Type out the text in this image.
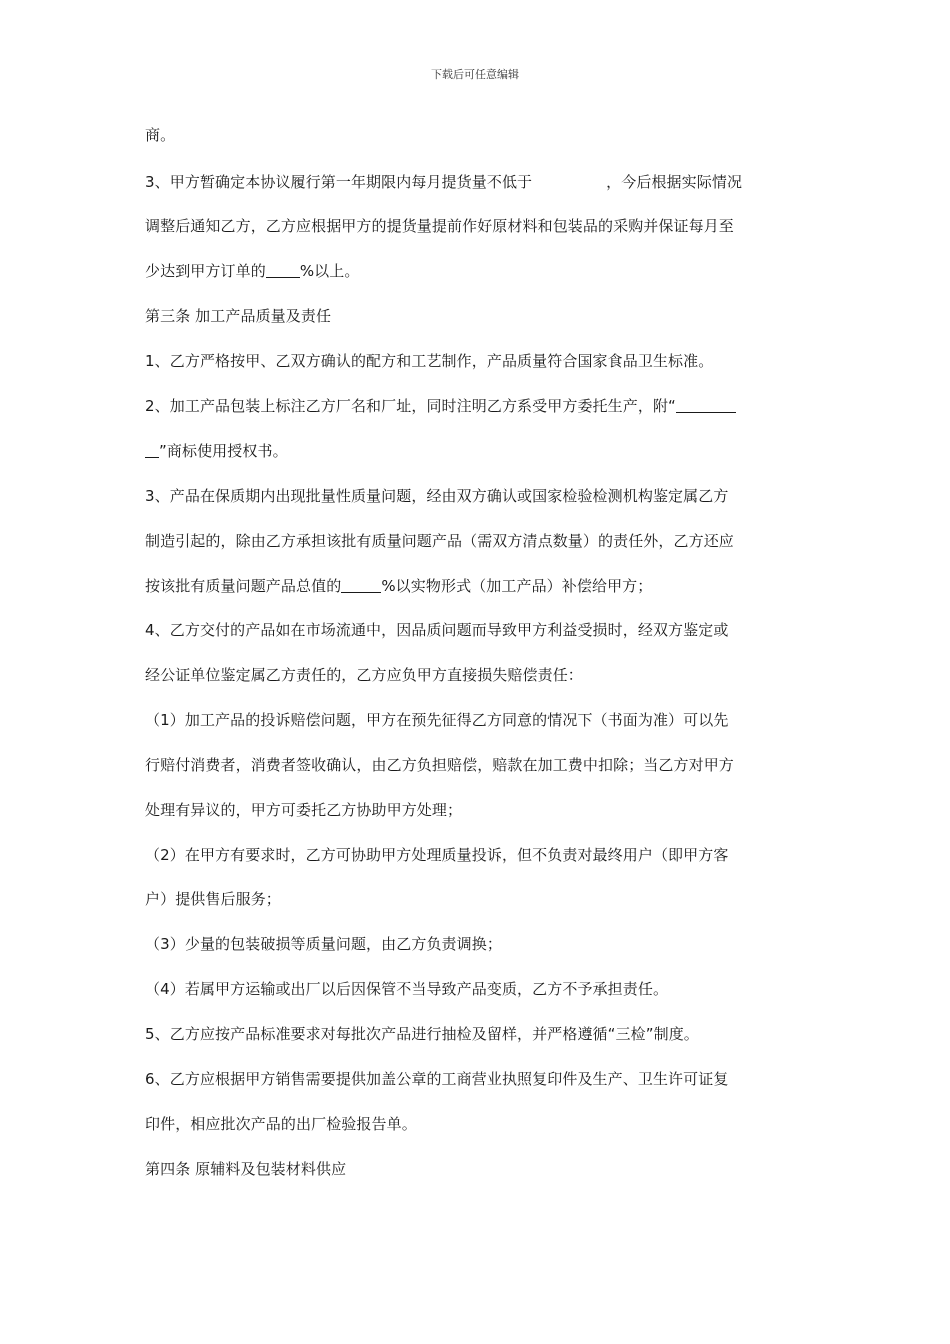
下载后可任意编辑
商。
3、甲方暂确定本协议履行第一年期限内每月提货量不低于	，今后根据实际情况
调整后通知乙方，乙方应根据甲方的提货量提前作好原材料和包装品的采购并保证每月至
少达到甲方订单的 %以上。
第三条 加工产品质量及责任
1、乙方严格按甲、乙双方确认的配方和工艺制作，产品质量符合国家食品卫生标准。
2、加工产品包装上标注乙方厂名和厂址，同时注明乙方系受甲方委托生产，附“
”商标使用授权书。
3、产品在保质期内出现批量性质量问题，经由双方确认或国家检验检测机构鉴定属乙方
制造引起的，除由乙方承担该批有质量问题产品（需双方清点数量）的责任外，乙方还应
按该批有质量问题产品总值的	%以实物形式（加工产品）补偿给甲方；
4、乙方交付的产品如在市场流通中，因品质问题而导致甲方利益受损时，经双方鉴定或
经公证单位鉴定属乙方责任的，乙方应负甲方直接损失赔偿责任：
（1）加工产品的投诉赔偿问题，甲方在预先征得乙方同意的情况下（书面为准）可以先
行赔付消费者，消费者签收确认，由乙方负担赔偿，赔款在加工费中扣除；当乙方对甲方
处理有异议的，甲方可委托乙方协助甲方处理；
（2）在甲方有要求时，乙方可协助甲方处理质量投诉，但不负责对最终用户（即甲方客
户）提供售后服务；
（3）少量的包装破损等质量问题，由乙方负责调换；
（4）若属甲方运输或出厂以后因保管不当导致产品变质，乙方不予承担责任。
5、乙方应按产品标准要求对每批次产品进行抽检及留样，并严格遵循“三检”制度。
6、乙方应根据甲方销售需要提供加盖公章的工商营业执照复印件及生产、卫生许可证复
印件，相应批次产品的出厂检验报告单。
第四条 原辅料及包装材料供应
